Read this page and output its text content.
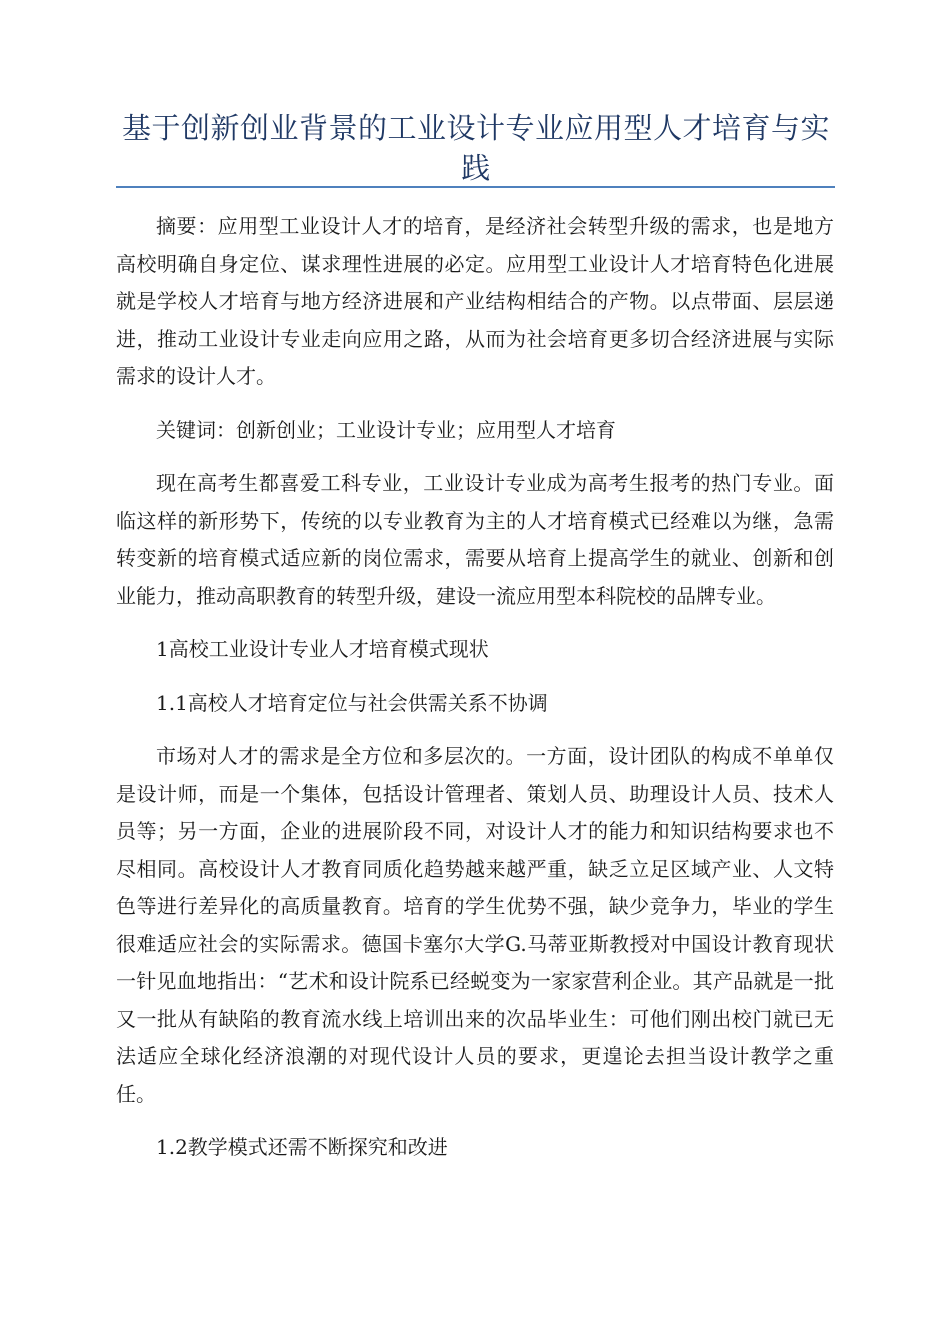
基于创新创业背景的工业设计专业应用型人才培育与实践

摘要：应用型工业设计人才的培育，是经济社会转型升级的需求，也是地方高校明确自身定位、谋求理性进展的必定。应用型工业设计人才培育特色化进展就是学校人才培育与地方经济进展和产业结构相结合的产物。以点带面、层层递进，推动工业设计专业走向应用之路，从而为社会培育更多切合经济进展与实际需求的设计人才。

关键词：创新创业；工业设计专业；应用型人才培育

现在高考生都喜爱工科专业，工业设计专业成为高考生报考的热门专业。面临这样的新形势下，传统的以专业教育为主的人才培育模式已经难以为继，急需转变新的培育模式适应新的岗位需求，需要从培育上提高学生的就业、创新和创业能力，推动高职教育的转型升级，建设一流应用型本科院校的品牌专业。

1高校工业设计专业人才培育模式现状

1.1高校人才培育定位与社会供需关系不协调

市场对人才的需求是全方位和多层次的。一方面，设计团队的构成不单单仅是设计师，而是一个集体，包括设计管理者、策划人员、助理设计人员、技术人员等；另一方面，企业的进展阶段不同，对设计人才的能力和知识结构要求也不尽相同。高校设计人才教育同质化趋势越来越严重，缺乏立足区域产业、人文特色等进行差异化的高质量教育。培育的学生优势不强，缺少竞争力，毕业的学生很难适应社会的实际需求。德国卡塞尔大学G.马蒂亚斯教授对中国设计教育现状一针见血地指出：“艺术和设计院系已经蜕变为一家家营利企业。其产品就是一批又一批从有缺陷的教育流水线上培训出来的次品毕业生：可他们刚出校门就已无法适应全球化经济浪潮的对现代设计人员的要求，更遑论去担当设计教学之重任。

1.2教学模式还需不断探究和改进
